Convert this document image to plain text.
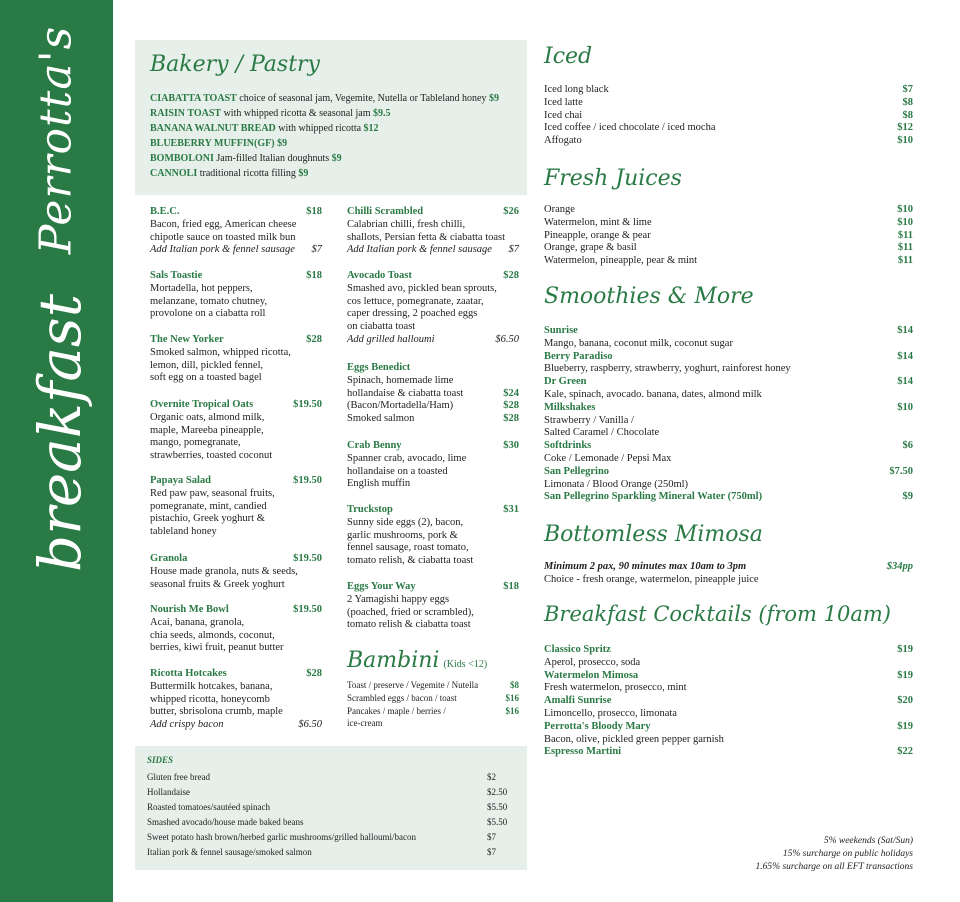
Perrotta's
breakfast
Bakery / Pastry
CIABATTA TOAST choice of seasonal jam, Vegemite, Nutella or Tableland honey $9
RAISIN TOAST with whipped ricotta & seasonal jam $9.5
BANANA WALNUT BREAD with whipped ricotta $12
BLUEBERRY MUFFIN(GF) $9
BOMBOLONI Jam-filled Italian doughnuts $9
CANNOLI traditional ricotta filling $9
B.E.C.	$18
Bacon, fried egg, American cheese
chipotle sauce on toasted milk bun
Add Italian pork & fennel sausage $7
Sals Toastie	$18
Mortadella, hot peppers,
melanzane, tomato chutney,
provolone on a ciabatta roll
The New Yorker	$28
Smoked salmon, whipped ricotta,
lemon, dill, pickled fennel,
soft egg on a toasted bagel
Overnite Tropical Oats	$19.50
Organic oats, almond milk,
maple, Mareeba pineapple,
mango, pomegranate,
strawberries, toasted coconut
Papaya Salad	$19.50
Red paw paw, seasonal fruits,
pomegranate, mint, candied
pistachio, Greek yoghurt &
tableland honey
Granola	$19.50
House made granola, nuts & seeds,
seasonal fruits & Greek yoghurt
Nourish Me Bowl	$19.50
Acai, banana, granola,
chia seeds, almonds, coconut,
berries, kiwi fruit, peanut butter
Ricotta Hotcakes	$28
Buttermilk hotcakes, banana,
whipped ricotta, honeycomb
butter, sbrisolona crumb, maple
Add crispy bacon	$6.50
Chilli Scrambled	$26
Calabrian chilli, fresh chilli,
shallots, Persian fetta & ciabatta toast
Add Italian pork & fennel sausage $7
Avocado Toast	$28
Smashed avo, pickled bean sprouts,
cos lettuce, pomegranate, zaatar,
caper dressing, 2 poached eggs
on ciabatta toast
Add grilled halloumi	$6.50
Eggs Benedict
Spinach, homemade lime
hollandaise & ciabatta toast	$24
(Bacon/Mortadella/Ham)	$28
Smoked salmon	$28
Crab Benny	$30
Spanner crab, avocado, lime
hollandaise on a toasted
English muffin
Truckstop	$31
Sunny side eggs (2), bacon,
garlic mushrooms, pork &
fennel sausage, roast tomato,
tomato relish, & ciabatta toast
Eggs Your Way	$18
2 Yamagishi happy eggs
(poached, fried or scrambled),
tomato relish & ciabatta toast
Bambini (Kids <12)
Toast / preserve / Vegemite / Nutella	$8
Scrambled eggs / bacon / toast	$16
Pancakes / maple / berries /	$16
ice-cream
SIDES
Gluten free bread	$2
Hollandaise	$2.50
Roasted tomatoes/sautéed spinach	$5.50
Smashed avocado/house made baked beans	$5.50
Sweet potato hash brown/herbed garlic mushrooms/grilled halloumi/bacon	$7
Italian pork & fennel sausage/smoked salmon	$7
Iced
Iced long black	$7
Iced latte	$8
Iced chai	$8
Iced coffee / iced chocolate / iced mocha	$12
Affogato	$10
Fresh Juices
Orange	$10
Watermelon, mint & lime	$10
Pineapple, orange & pear	$11
Orange, grape & basil	$11
Watermelon, pineapple, pear & mint	$11
Smoothies & More
Sunrise	$14
Mango, banana, coconut milk, coconut sugar
Berry Paradiso	$14
Blueberry, raspberry, strawberry, yoghurt, rainforest honey
Dr Green	$14
Kale, spinach, avocado. banana, dates, almond milk
Milkshakes	$10
Strawberry / Vanilla /
Salted Caramel / Chocolate
Softdrinks	$6
Coke / Lemonade / Pepsi Max
San Pellegrino	$7.50
Limonata / Blood Orange (250ml)
San Pellegrino Sparkling Mineral Water (750ml)	$9
Bottomless Mimosa
Minimum 2 pax, 90 minutes max 10am to 3pm	$34pp
Choice - fresh orange, watermelon, pineapple juice
Breakfast Cocktails (from 10am)
Classico Spritz	$19
Aperol, prosecco, soda
Watermelon Mimosa	$19
Fresh watermelon, prosecco, mint
Amalfi Sunrise	$20
Limoncello, prosecco, limonata
Perrotta's Bloody Mary	$19
Bacon, olive, pickled green pepper garnish
Espresso Martini	$22
5% weekends (Sat/Sun)
15% surcharge on public holidays
1.65% surcharge on all EFT transactions
